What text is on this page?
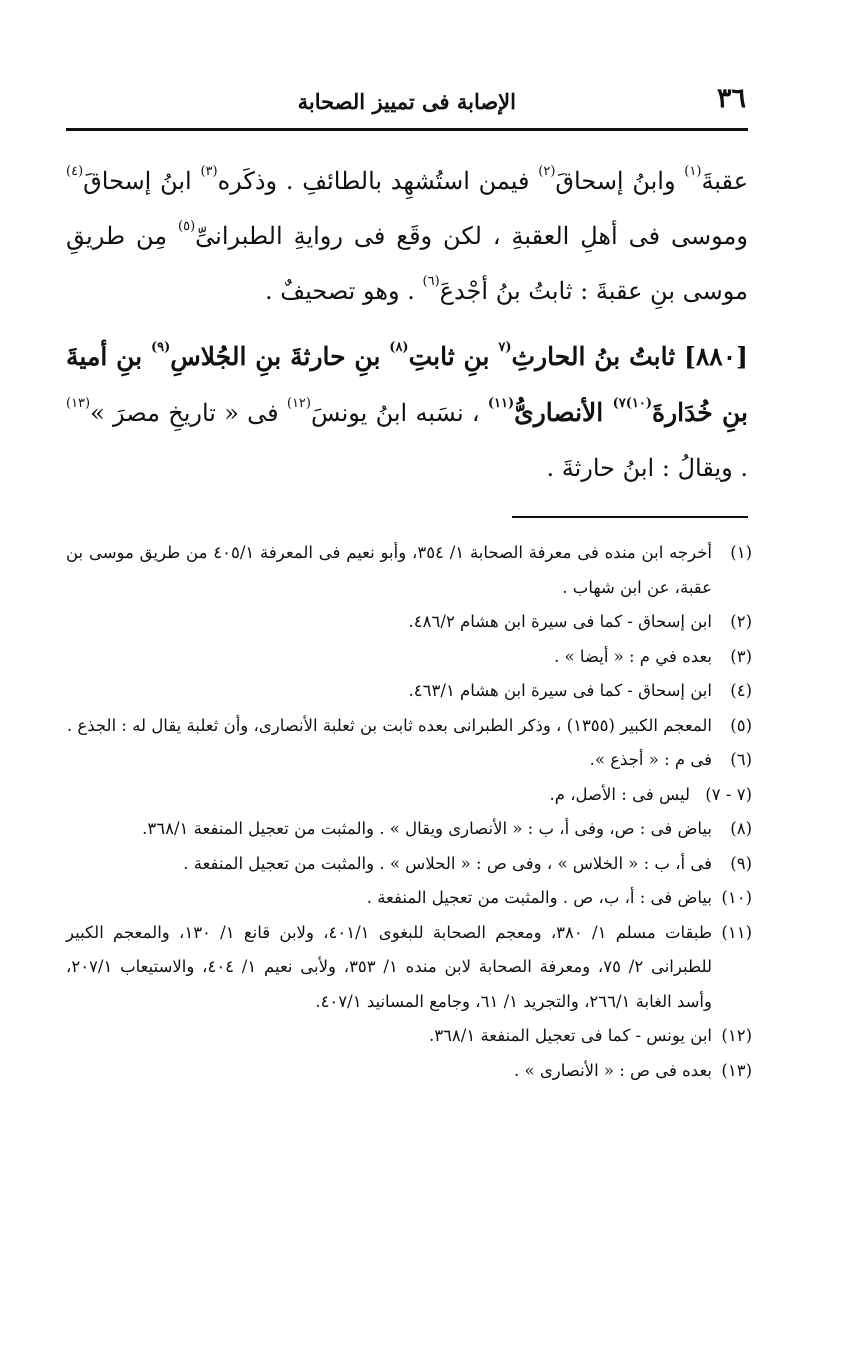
٣٦
الإصابة فى تمييز الصحابة

عقبةَ$^{(١)}$ وابنُ إسحاقَ$^{(٢)}$ فيمن استُشهِد بالطائفِ . وذكَره$^{(٣)}$ ابنُ إسحاقَ$^{(٤)}$ وموسى فى أهلِ العقبةِ ، لكن وقَع فى روايةِ الطبرانىِّ$^{(٥)}$ مِن طريقِ موسى بنِ عقبةَ : ثابتُ بنُ أجْدعَ$^{(٦)}$ . وهو تصحيفٌ .

[٨٨٠] ثابتُ بنُ الحارثِ$^{(٧}$ بنِ ثابتِ$^{(٨)}$ بنِ حارثةَ بنِ الجُلاسِ$^{(٩)}$ بنِ أميةَ بنِ خُدَارةَ$^{(١٠)٧)}$ الأنصارىُّ$^{(١١)}$ ، نسَبه ابنُ يونسَ$^{(١٢)}$ فى « تاريخِ مصرَ »$^{(١٣)}$ . ويقالُ : ابنُ حارثةَ .

(١)
أخرجه ابن منده فى معرفة الصحابة ١/ ٣٥٤، وأبو نعيم فى المعرفة ٤٠٥/١ من طريق موسى بن عقبة، عن ابن شهاب .

(٢)
ابن إسحاق - كما فى سيرة ابن هشام ٤٨٦/٢.

(٣)
بعده في م : « أيضا » .

(٤)
ابن إسحاق - كما فى سيرة ابن هشام ٤٦٣/١.

(٥)
المعجم الكبير (١٣٥٥) ، وذكر الطبرانى بعده ثابت بن ثعلبة الأنصارى، وأن ثعلبة يقال له : الجذع .

(٦)
فى م : « أجذع ».

(٧ - ٧)
ليس فى : الأصل، م.

(٨)
بياض فى : ص، وفى أ، ب : « الأنصارى ويقال » . والمثبت من تعجيل المنفعة ٣٦٨/١.

(٩)
فى أ، ب : « الخلاس » ، وفى ص : « الحلاس » . والمثبت من تعجيل المنفعة .

(١٠)
بياض فى : أ، ب، ص . والمثبت من تعجيل المنفعة .

(١١)
طبقات مسلم ١/ ٣٨٠، ومعجم الصحابة للبغوى ٤٠١/١، ولابن قانع ١/ ١٣٠، والمعجم الكبير للطبرانى ٢/ ٧٥، ومعرفة الصحابة لابن منده ١/ ٣٥٣، ولأبى نعيم ١/ ٤٠٤، والاستيعاب ٢٠٧/١، وأسد الغابة ٢٦٦/١، والتجريد ١/ ٦١، وجامع المسانيد ٤٠٧/١.

(١٢)
ابن يونس - كما فى تعجيل المنفعة ٣٦٨/١.

(١٣)
بعده فى ص : « الأنصارى » .
